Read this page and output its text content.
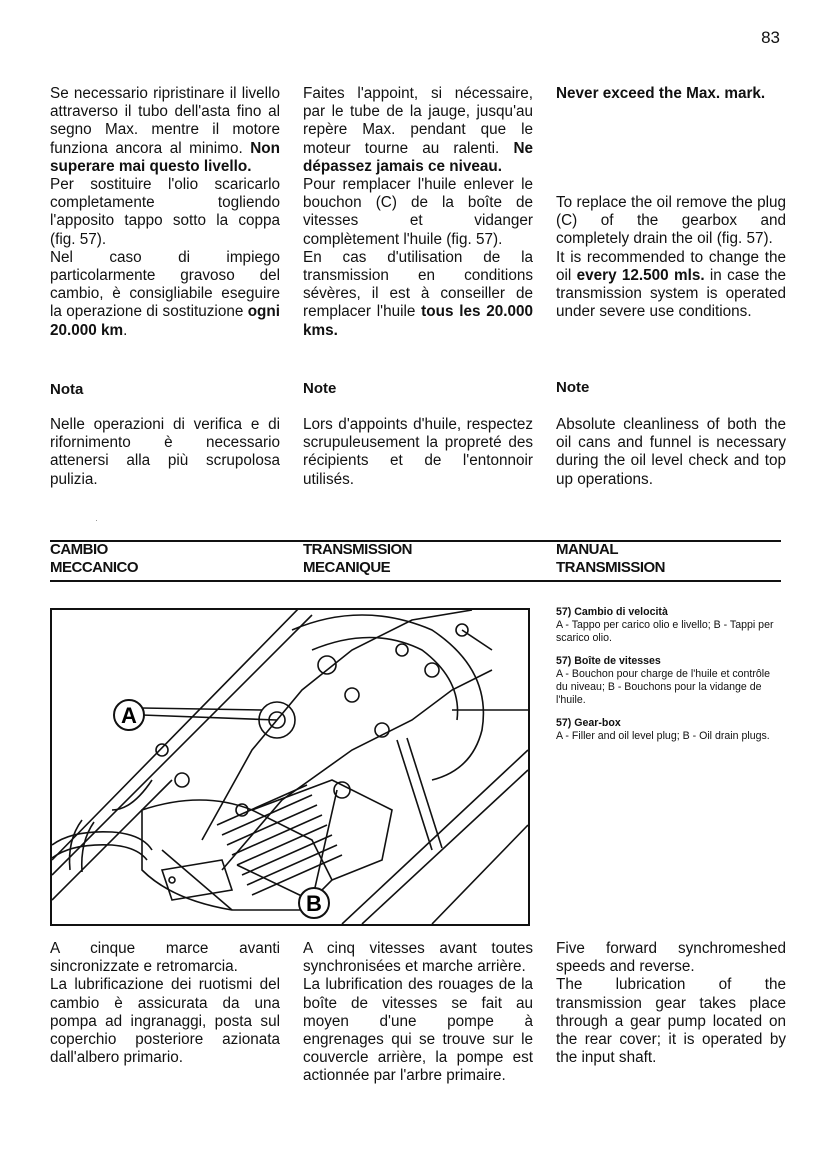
83

Se necessario ripristinare il livello attraverso il tubo dell'asta fino al segno Max. mentre il motore funziona ancora al minimo. Non superare mai questo livello.

Per sostituire l'olio scaricarlo completamente togliendo l'apposito tappo sotto la coppa (fig. 57).

Nel caso di impiego particolarmente gravoso del cambio, è consigliabile eseguire la operazione di sostituzione ogni 20.000 km.

Nota
Nelle operazioni di verifica e di rifornimento è necessario attenersi alla più scrupolosa pulizia.

Faites l'appoint, si nécessaire, par le tube de la jauge, jusqu'au repère Max. pendant que le moteur tourne au ralenti. Ne dépassez jamais ce niveau.

Pour remplacer l'huile enlever le bouchon (C) de la boîte de vitesses et vidanger complètement l'huile (fig. 57).

En cas d'utilisation de la transmission en conditions sévères, il est à conseiller de remplacer l'huile tous les 20.000 kms.

Note
Lors d'appoints d'huile, respectez scrupuleusement la propreté des récipients et de l'entonnoir utilisés.

Never exceed the Max. mark.

To replace the oil remove the plug (C) of the gearbox and completely drain the oil (fig. 57).

It is recommended to change the oil every 12.500 mls. in case the transmission system is operated under severe use conditions.

Note
Absolute cleanliness of both the oil cans and funnel is necessary during the oil level check and top up operations.
CAMBIO
MECCANICO
TRANSMISSION
MECANIQUE
MANUAL
TRANSMISSION
A
B
57) Cambio di velocità
A - Tappo per carico olio e livello; B - Tappi per scarico olio.
57) Boîte de vitesses
A - Bouchon pour charge de l'huile et contrôle du niveau; B - Bouchons pour la vidange de l'huile.
57) Gear-box
A - Filler and oil level plug; B - Oil drain plugs.

A cinque marce avanti sincronizzate e retromarcia.

La lubrificazione dei ruotismi del cambio è assicurata da una pompa ad ingranaggi, posta sul coperchio posteriore azionata dall'albero primario.

A cinq vitesses avant toutes synchronisées et marche arrière.

La lubrification des rouages de la boîte de vitesses se fait au moyen d'une pompe à engrenages qui se trouve sur le couvercle arrière, la pompe est actionnée par l'arbre primaire.

Five forward synchromeshed speeds and reverse.

The lubrication of the transmission gear takes place through a gear pump located on the rear cover; it is operated by the input shaft.
